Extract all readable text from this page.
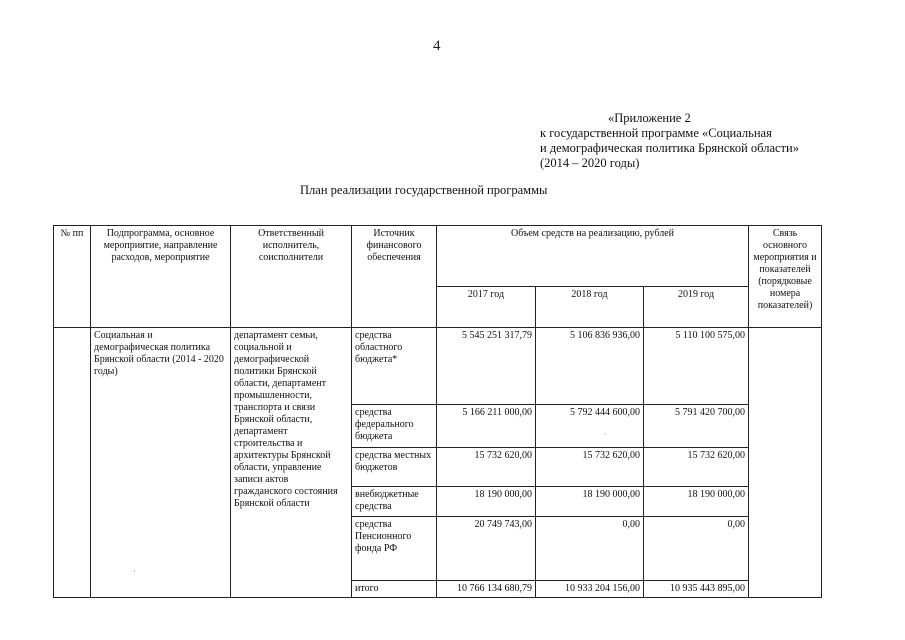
4
«Приложение 2
к государственной программе «Социальная
и демографическая политика Брянской области»
(2014 – 2020 годы)
План реализации государственной программы
№ пп	Подпрограмма, основное мероприятие, направление расходов, мероприятие	Ответственный исполнитель, соисполнители	Источник финансового обеспечения	Объем средств на реализацию, рублей			Связь основного мероприятия и показателей (порядковые номера показателей)
				2017 год	2018 год	2019 год	
	Социальная и демографическая политика Брянской области (2014 - 2020 годы)	департамент семьи, социальной и демографической политики Брянской области, департамент промышленности, транспорта и связи Брянской области, департамент строительства и архитектуры Брянской области, управление записи актов гражданского состояния Брянской области	средства областного бюджета*	5 545 251 317,79	5 106 836 936,00	5 110 100 575,00	
			средства федерального бюджета	5 166 211 000,00	5 792 444 600,00	5 791 420 700,00	
			средства местных бюджетов	15 732 620,00	15 732 620,00	15 732 620,00	
			внебюджетные средства	18 190 000,00	18 190 000,00	18 190 000,00	
			средства Пенсионного фонда РФ	20 749 743,00	0,00	0,00	
			итого	10 766 134 680,79	10 933 204 156,00	10 935 443 895,00	
·
·
